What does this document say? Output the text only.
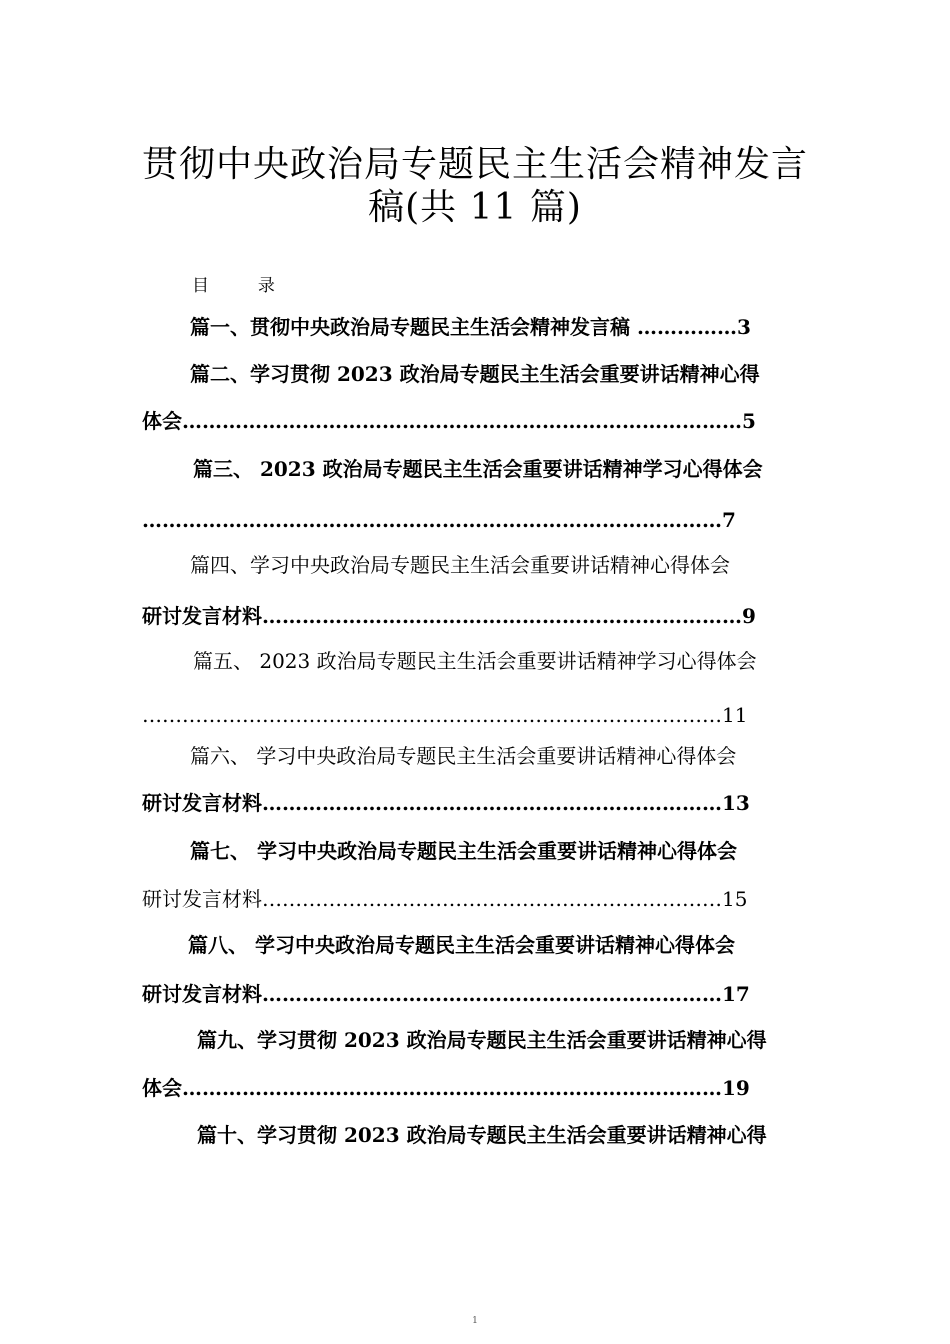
贯彻中央政治局专题民主生活会精神发言
稿(共 11 篇)
目	录
篇一、贯彻中央政治局专题民主生活会精神发言稿 ……………3
篇二、学习贯彻 2023 政治局专题民主生活会重要讲话精神心得
体会…………………………………………………………………………5
篇三、 2023 政治局专题民主生活会重要讲话精神学习心得体会
……………………………………………………………………………7
篇四、学习中央政治局专题民主生活会重要讲话精神心得体会
研讨发言材料………………………………………………………………9
篇五、 2023 政治局专题民主生活会重要讲话精神学习心得体会
……………………………………………………………………………11
篇六、 学习中央政治局专题民主生活会重要讲话精神心得体会
研讨发言材料……………………………………………………………13
篇七、 学习中央政治局专题民主生活会重要讲话精神心得体会
研讨发言材料……………………………………………………………15
篇八、 学习中央政治局专题民主生活会重要讲话精神心得体会
研讨发言材料……………………………………………………………17
篇九、学习贯彻 2023 政治局专题民主生活会重要讲话精神心得
体会………………………………………………………………………19
篇十、学习贯彻 2023 政治局专题民主生活会重要讲话精神心得
1
